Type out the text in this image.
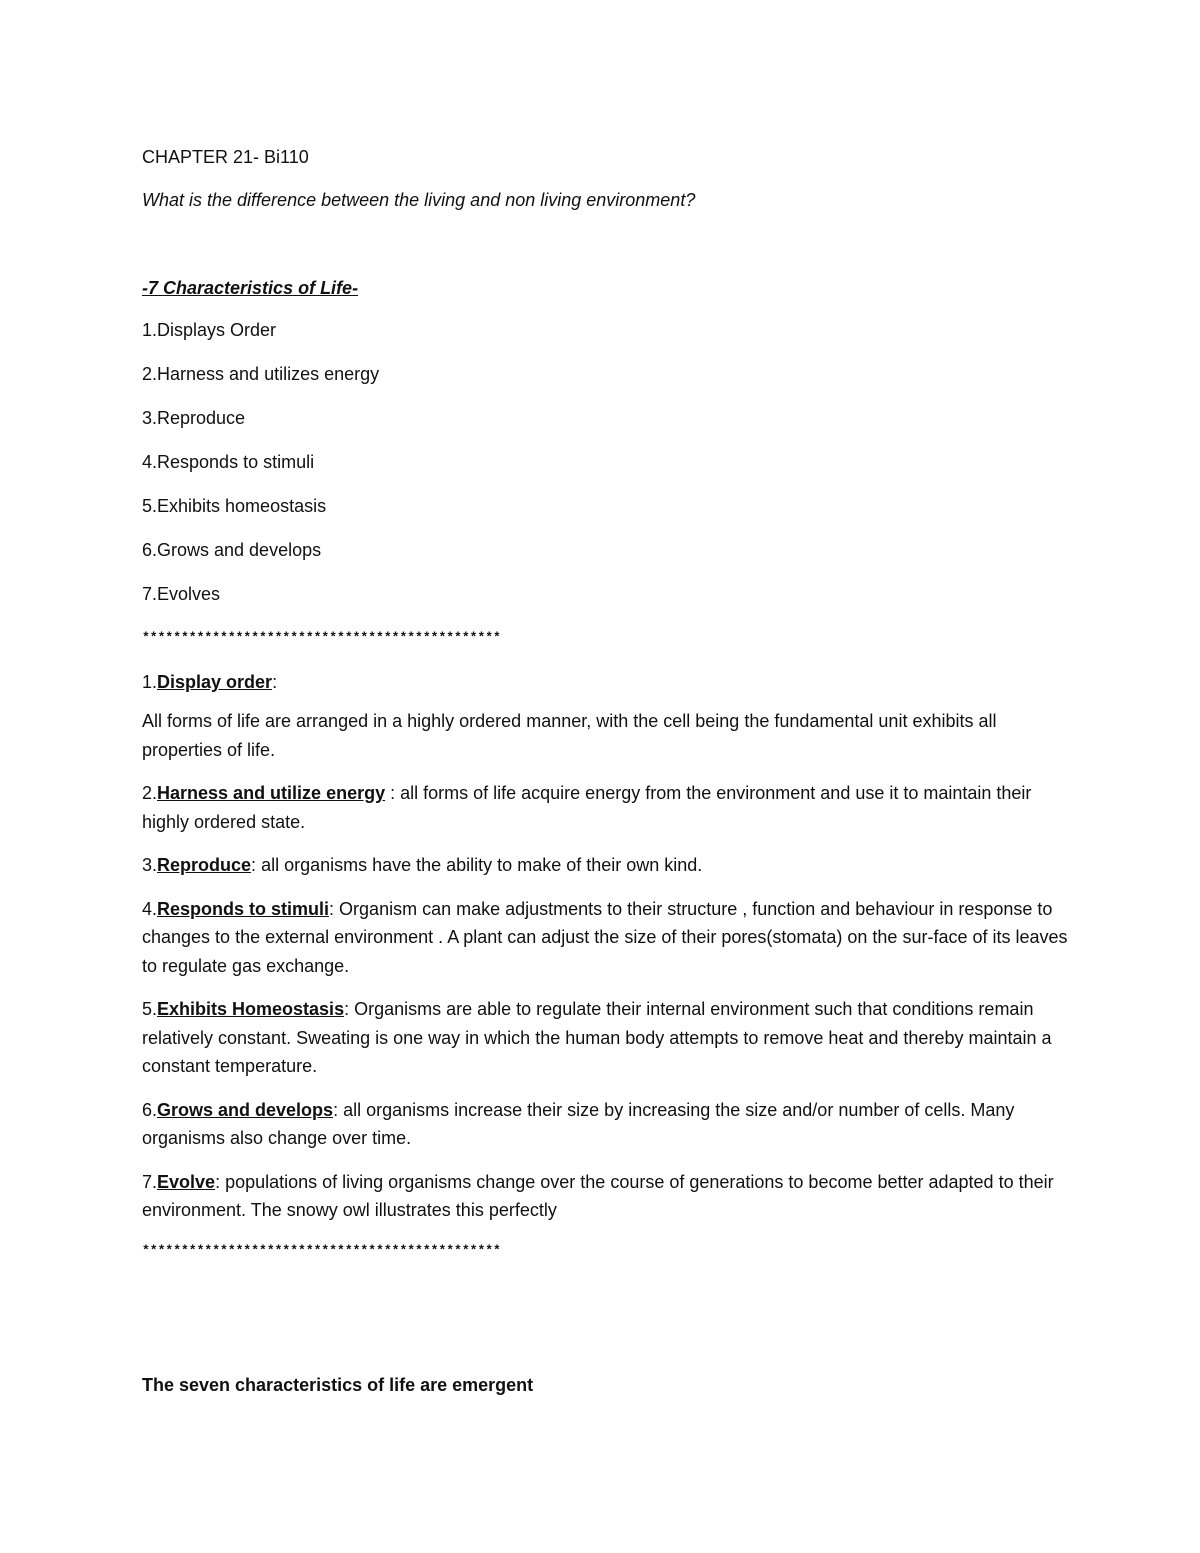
CHAPTER 21- Bi110

What is the difference between the living and non living environment?

-7 Characteristics of Life-

1.Displays Order

2.Harness and utilizes energy

3.Reproduce

4.Responds to stimuli

5.Exhibits homeostasis

6.Grows and develops

7.Evolves

**********************************************

1.Display order:

All forms of life are arranged in a highly ordered manner, with the cell being the fundamental unit exhibits all properties of life.

2.Harness and utilize energy : all forms of life acquire energy from the environment and use it to maintain their highly ordered state.

3.Reproduce: all organisms have the ability to make of their own kind.

4.Responds to stimuli: Organism can make adjustments to their structure , function and behaviour in response to changes to the external environment . A plant can adjust the size of their pores(stomata) on the sur-face of its leaves to regulate gas exchange.

5.Exhibits Homeostasis: Organisms are able to regulate their internal environment such that conditions remain relatively constant. Sweating is one way in which the human body attempts to remove heat and thereby maintain a constant temperature.

6.Grows and develops: all organisms increase their size by increasing the size and/or number of cells. Many organisms also change over time.

7.Evolve: populations of living organisms change over the course of generations to become better adapted to their environment. The snowy owl illustrates this perfectly

**********************************************

The seven characteristics of life are emergent
